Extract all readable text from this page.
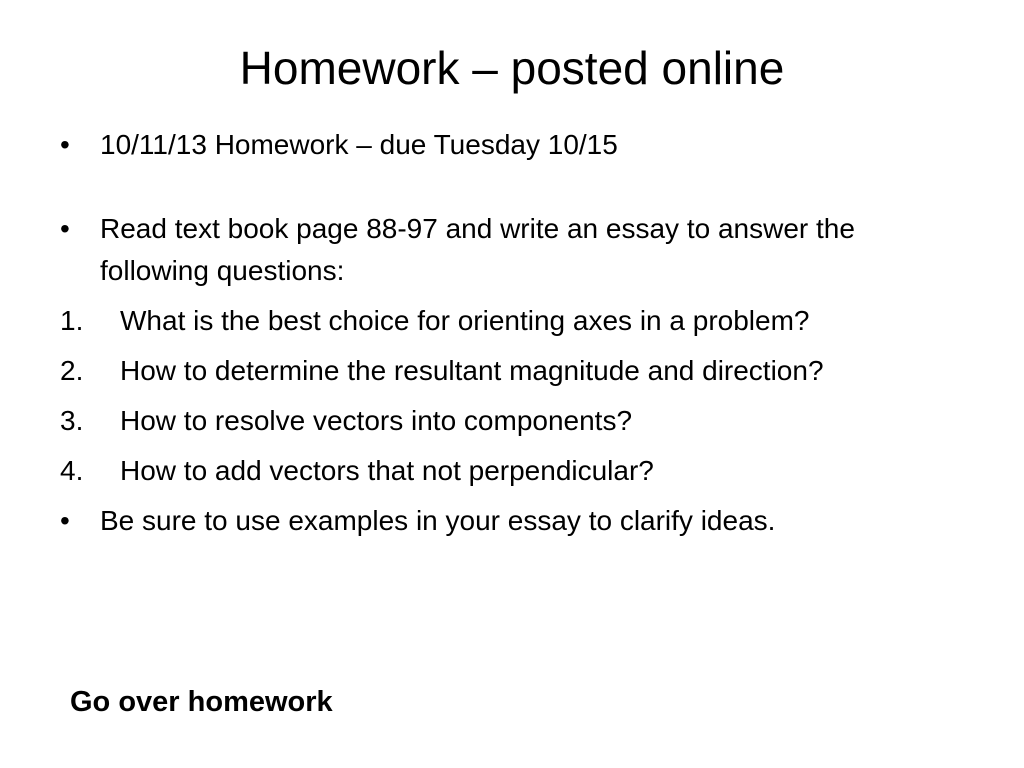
Homework – posted online
•	10/11/13 Homework – due Tuesday 10/15
•	Read text book page 88-97 and write an essay to answer the following questions:
1.	What is the best choice for orienting axes in a problem?
2.	How to determine the resultant magnitude and direction?
3.	How to resolve vectors into components?
4.	How to add vectors that not perpendicular?
•	Be sure to use examples in your essay to clarify ideas.

Go over homework
